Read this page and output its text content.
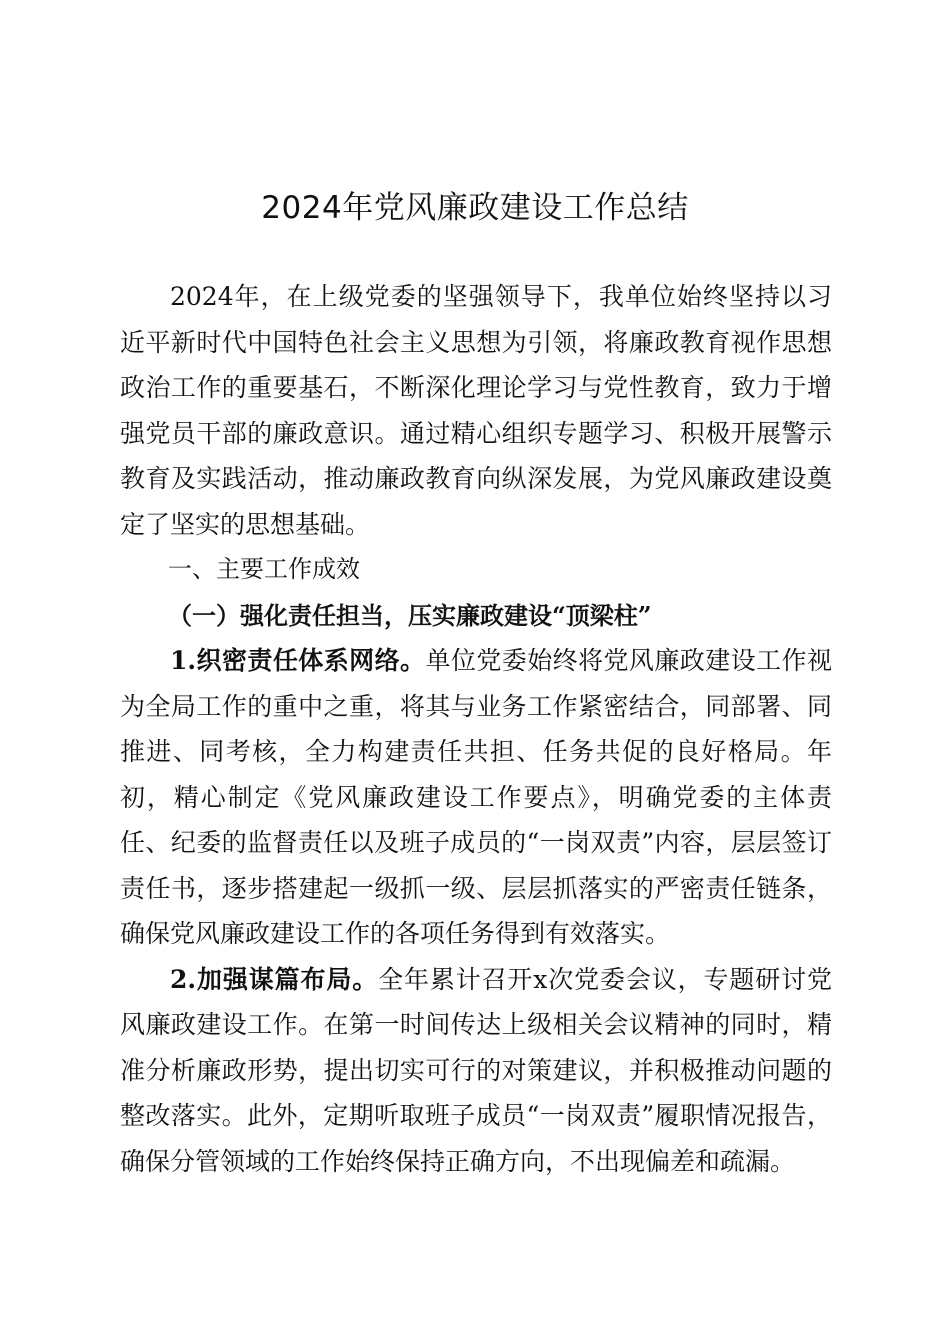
2024年党风廉政建设工作总结

2024年，在上级党委的坚强领导下，我单位始终坚持以习近平新时代中国特色社会主义思想为引领，将廉政教育视作思想政治工作的重要基石，不断深化理论学习与党性教育，致力于增强党员干部的廉政意识。通过精心组织专题学习、积极开展警示教育及实践活动，推动廉政教育向纵深发展，为党风廉政建设奠定了坚实的思想基础。

一、主要工作成效

（一）强化责任担当，压实廉政建设“顶梁柱”

1.织密责任体系网络。单位党委始终将党风廉政建设工作视为全局工作的重中之重，将其与业务工作紧密结合，同部署、同推进、同考核，全力构建责任共担、任务共促的良好格局。年初，精心制定《党风廉政建设工作要点》，明确党委的主体责任、纪委的监督责任以及班子成员的“一岗双责”内容，层层签订责任书，逐步搭建起一级抓一级、层层抓落实的严密责任链条，确保党风廉政建设工作的各项任务得到有效落实。

2.加强谋篇布局。全年累计召开x次党委会议，专题研讨党风廉政建设工作。在第一时间传达上级相关会议精神的同时，精准分析廉政形势，提出切实可行的对策建议，并积极推动问题的整改落实。此外，定期听取班子成员“一岗双责”履职情况报告，确保分管领域的工作始终保持正确方向，不出现偏差和疏漏。
